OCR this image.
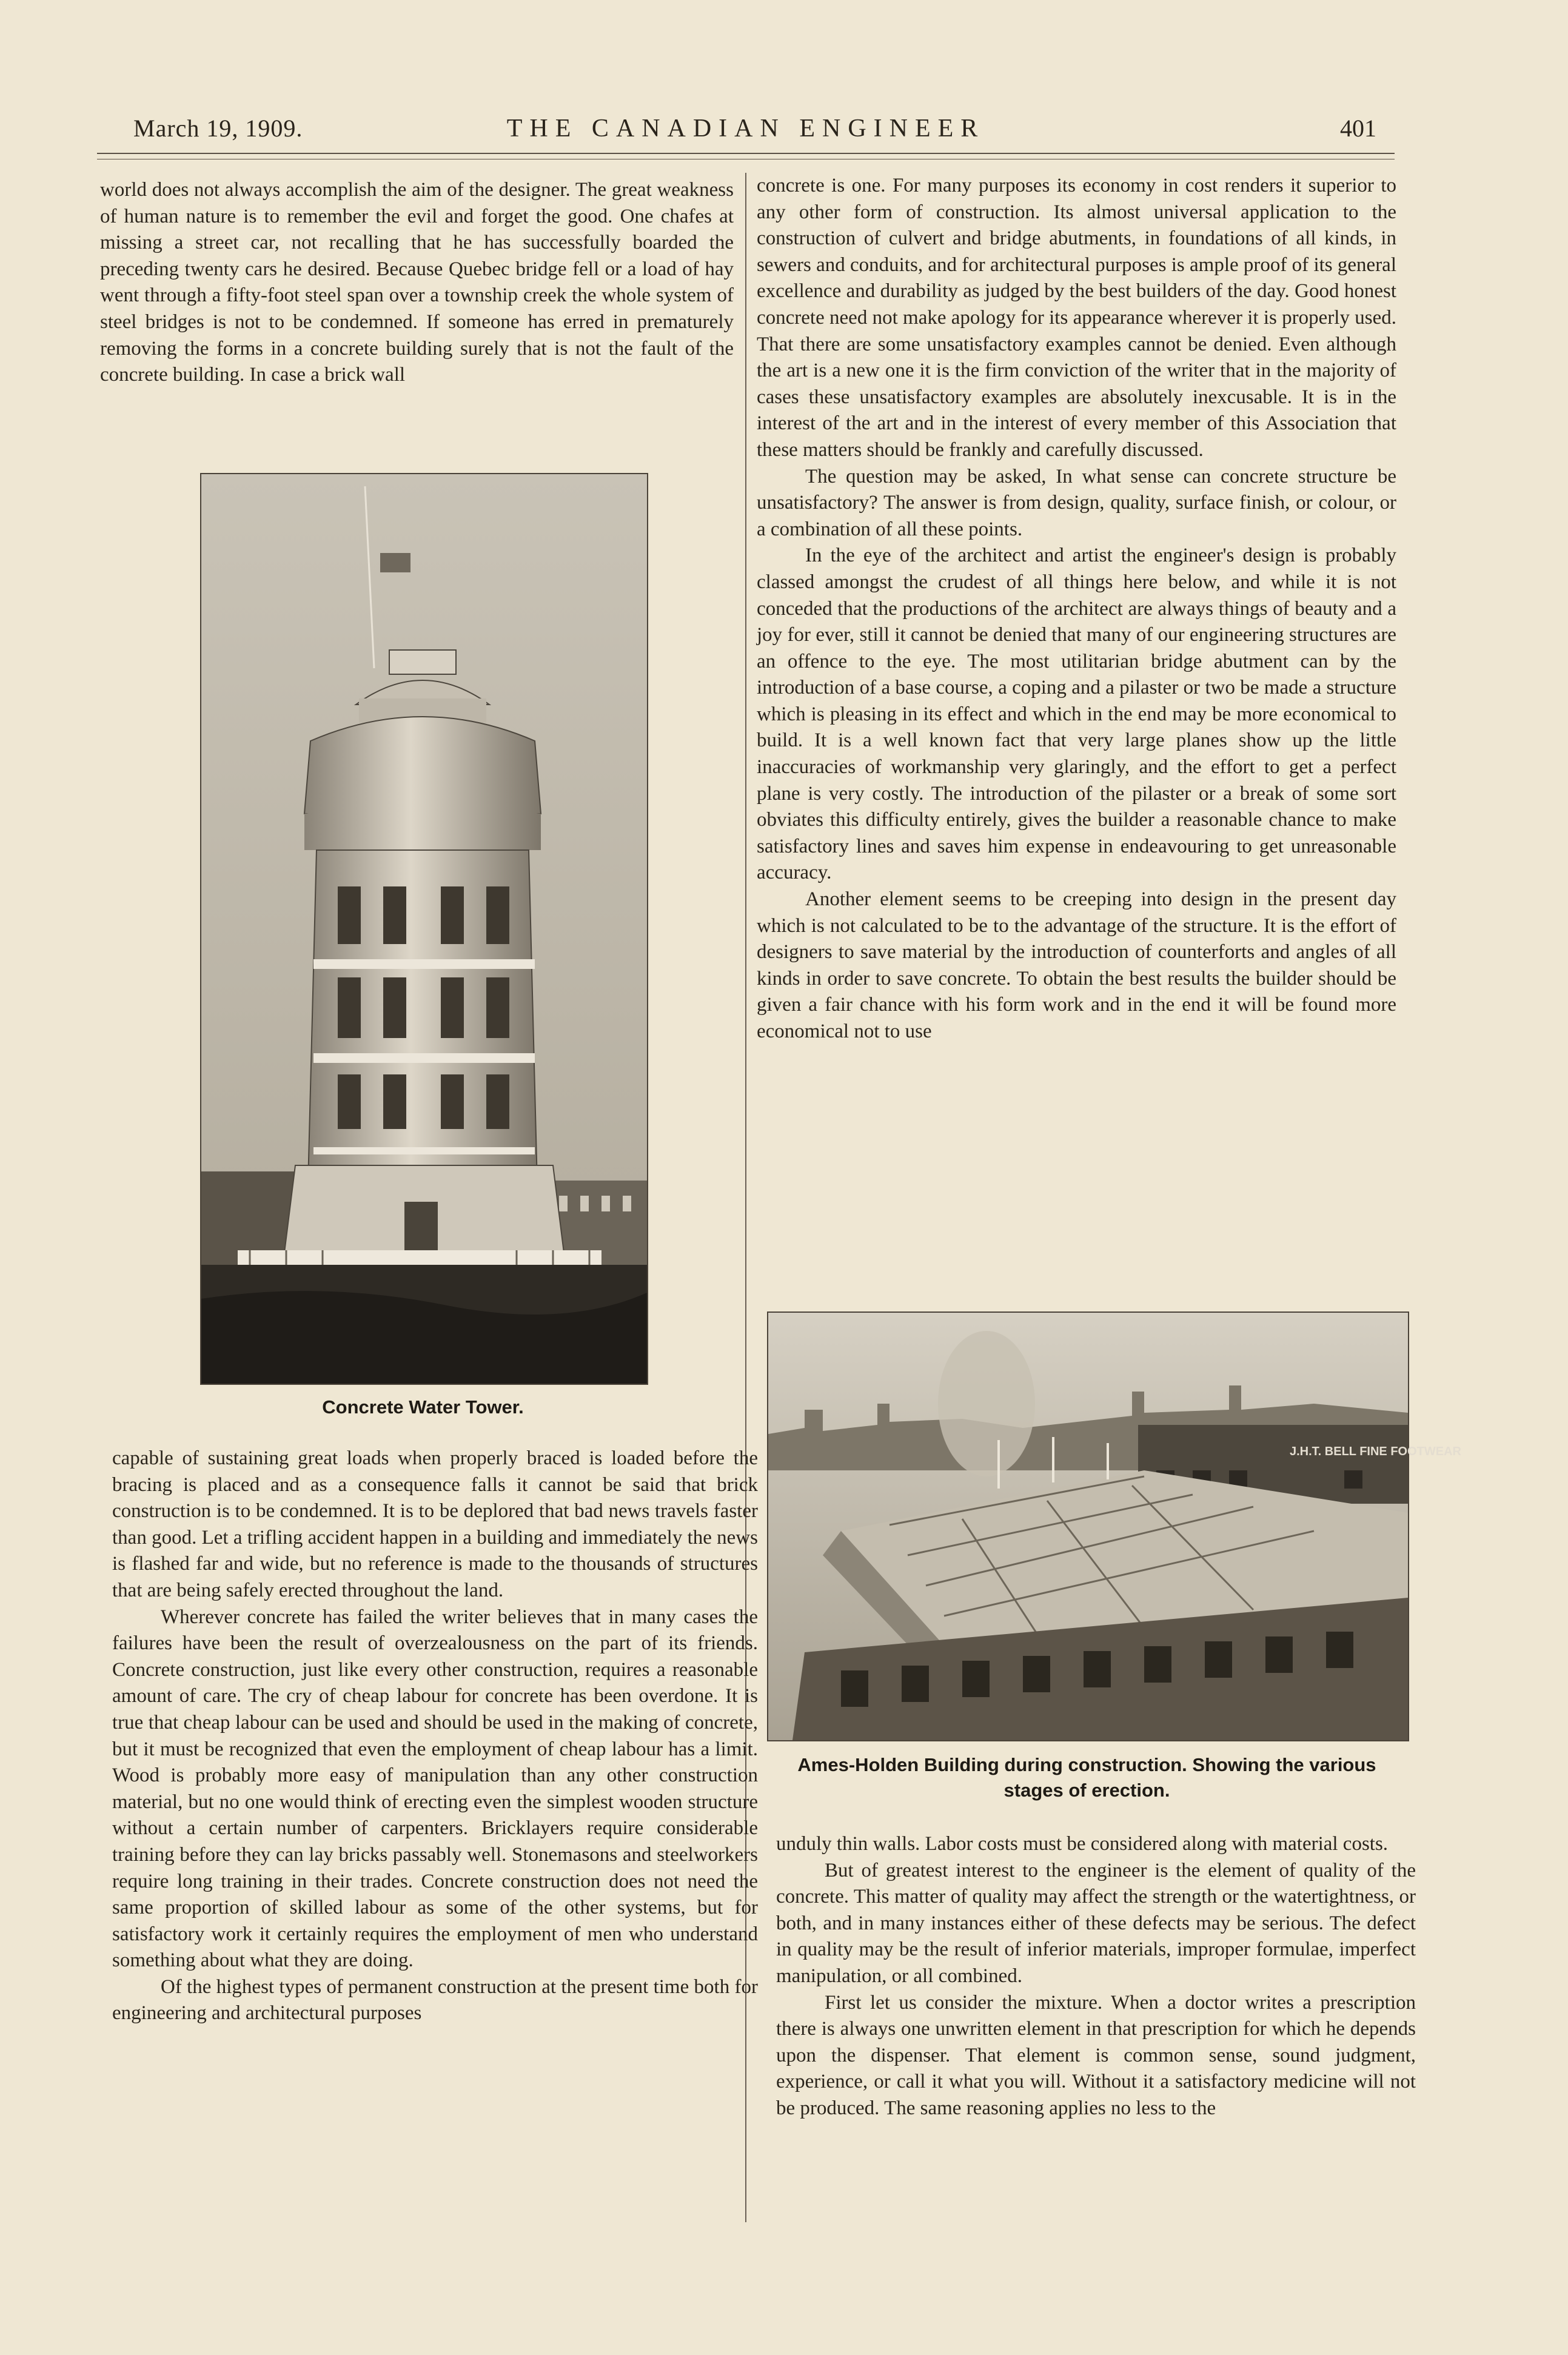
March 19, 1909.	THE CANADIAN ENGINEER	401

world does not always accomplish the aim of the designer. The great weakness of human nature is to remember the evil and forget the good. One chafes at missing a street car, not recalling that he has successfully boarded the preceding twenty cars he desired. Because Quebec bridge fell or a load of hay went through a fifty-foot steel span over a township creek the whole system of steel bridges is not to be condemned. If someone has erred in prematurely removing the forms in a concrete building surely that is not the fault of the concrete building. In case a brick wall

Concrete Water Tower.

capable of sustaining great loads when properly braced is loaded before the bracing is placed and as a consequence falls it cannot be said that brick construction is to be condemned. It is to be deplored that bad news travels faster than good. Let a trifling accident happen in a building and immediately the news is flashed far and wide, but no reference is made to the thousands of structures that are being safely erected throughout the land.

Wherever concrete has failed the writer believes that in many cases the failures have been the result of overzealousness on the part of its friends. Concrete construction, just like every other construction, requires a reasonable amount of care. The cry of cheap labour for concrete has been overdone. It is true that cheap labour can be used and should be used in the making of concrete, but it must be recognized that even the employment of cheap labour has a limit. Wood is probably more easy of manipulation than any other construction material, but no one would think of erecting even the simplest wooden structure without a certain number of carpenters. Bricklayers require considerable training before they can lay bricks passably well. Stonemasons and steelworkers require long training in their trades. Concrete construction does not need the same proportion of skilled labour as some of the other systems, but for satisfactory work it certainly requires the employment of men who understand something about what they are doing.

Of the highest types of permanent construction at the present time both for engineering and architectural purposes

concrete is one. For many purposes its economy in cost renders it superior to any other form of construction. Its almost universal application to the construction of culvert and bridge abutments, in foundations of all kinds, in sewers and conduits, and for architectural purposes is ample proof of its general excellence and durability as judged by the best builders of the day. Good honest concrete need not make apology for its appearance wherever it is properly used. That there are some unsatisfactory examples cannot be denied. Even although the art is a new one it is the firm conviction of the writer that in the majority of cases these unsatisfactory examples are absolutely inexcusable. It is in the interest of the art and in the interest of every member of this Association that these matters should be frankly and carefully discussed.

The question may be asked, In what sense can concrete structure be unsatisfactory? The answer is from design, quality, surface finish, or colour, or a combination of all these points.

In the eye of the architect and artist the engineer's design is probably classed amongst the crudest of all things here below, and while it is not conceded that the productions of the architect are always things of beauty and a joy for ever, still it cannot be denied that many of our engineering structures are an offence to the eye. The most utilitarian bridge abutment can by the introduction of a base course, a coping and a pilaster or two be made a structure which is pleasing in its effect and which in the end may be more economical to build. It is a well known fact that very large planes show up the little inaccuracies of workmanship very glaringly, and the effort to get a perfect plane is very costly. The introduction of the pilaster or a break of some sort obviates this difficulty entirely, gives the builder a reasonable chance to make satisfactory lines and saves him expense in endeavouring to get unreasonable accuracy.

Another element seems to be creeping into design in the present day which is not calculated to be to the advantage of the structure. It is the effort of designers to save material by the introduction of counterforts and angles of all kinds in order to save concrete. To obtain the best results the builder should be given a fair chance with his form work and in the end it will be found more economical not to use

J.H.T. BELL FINE FOOTWEAR
Ames-Holden Building during construction. Showing the various stages of erection.

unduly thin walls. Labor costs must be considered along with material costs.

But of greatest interest to the engineer is the element of quality of the concrete. This matter of quality may affect the strength or the watertightness, or both, and in many instances either of these defects may be serious. The defect in quality may be the result of inferior materials, improper formulae, imperfect manipulation, or all combined.

First let us consider the mixture. When a doctor writes a prescription there is always one unwritten element in that prescription for which he depends upon the dispenser. That element is common sense, sound judgment, experience, or call it what you will. Without it a satisfactory medicine will not be produced. The same reasoning applies no less to the
